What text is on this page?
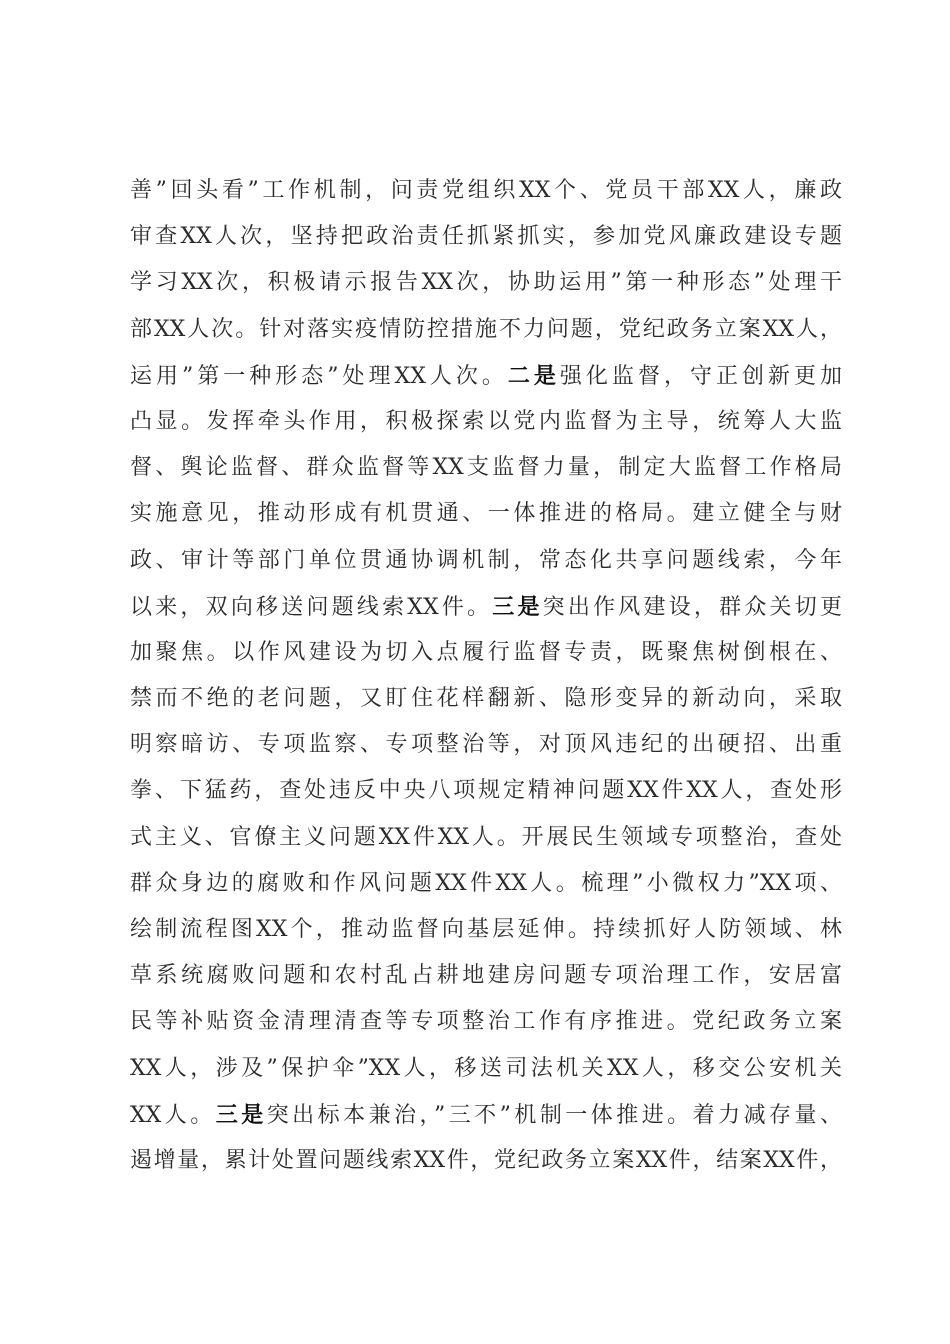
善”回头看”工作机制，问责党组织XX个、党员干部XX人，廉政
审查XX人次，坚持把政治责任抓紧抓实，参加党风廉政建设专题
学习XX次，积极请示报告XX次，协助运用”第一种形态”处理干
部XX人次。针对落实疫情防控措施不力问题，党纪政务立案XX人，
运用”第一种形态”处理XX人次。二是强化监督，守正创新更加
凸显。发挥牵头作用，积极探索以党内监督为主导，统筹人大监
督、舆论监督、群众监督等XX支监督力量，制定大监督工作格局
实施意见，推动形成有机贯通、一体推进的格局。建立健全与财
政、审计等部门单位贯通协调机制，常态化共享问题线索，今年
以来，双向移送问题线索XX件。三是突出作风建设，群众关切更
加聚焦。以作风建设为切入点履行监督专责，既聚焦树倒根在、
禁而不绝的老问题，又盯住花样翻新、隐形变异的新动向，采取
明察暗访、专项监察、专项整治等，对顶风违纪的出硬招、出重
拳、下猛药，查处违反中央八项规定精神问题XX件XX人，查处形
式主义、官僚主义问题XX件XX人。开展民生领域专项整治，查处
群众身边的腐败和作风问题XX件XX人。梳理”小微权力”XX项、
绘制流程图XX个，推动监督向基层延伸。持续抓好人防领域、林
草系统腐败问题和农村乱占耕地建房问题专项治理工作，安居富
民等补贴资金清理清查等专项整治工作有序推进。党纪政务立案
XX人，涉及”保护伞”XX人，移送司法机关XX人，移交公安机关
XX人。三是突出标本兼治，”三不”机制一体推进。着力减存量、
遏增量，累计处置问题线索XX件，党纪政务立案XX件，结案XX件，
